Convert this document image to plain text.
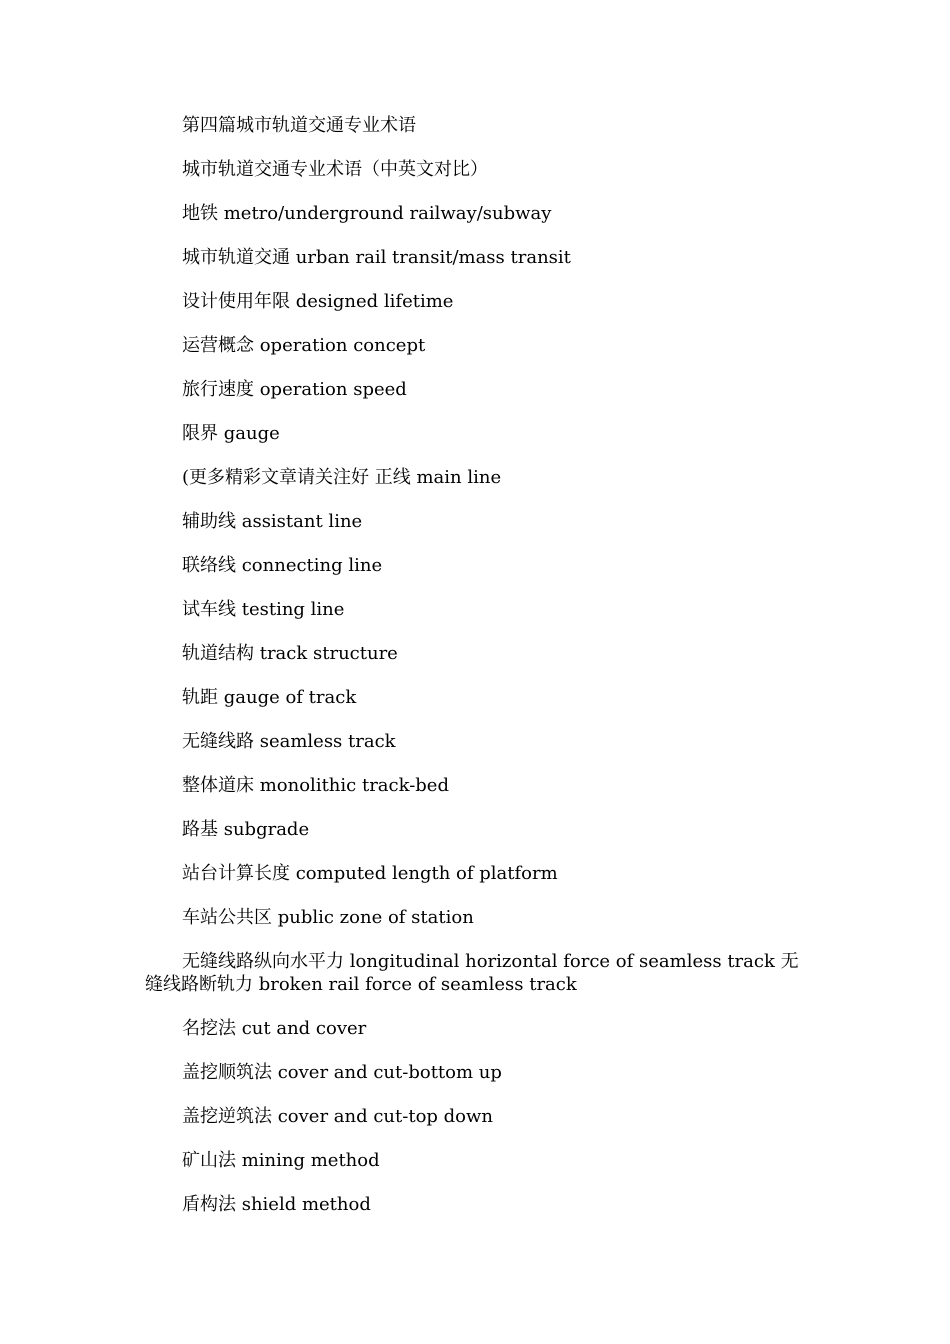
第四篇城市轨道交通专业术语

城市轨道交通专业术语（中英文对比）

地铁 metro/underground railway/subway

城市轨道交通 urban rail transit/mass transit

设计使用年限 designed lifetime

运营概念 operation concept

旅行速度 operation speed

限界 gauge

(更多精彩文章请关注好 正线 main line

辅助线 assistant line

联络线 connecting line

试车线 testing line

轨道结构 track structure

轨距 gauge of track

无缝线路 seamless track

整体道床 monolithic track-bed

路基 subgrade

站台计算长度 computed length of platform

车站公共区 public zone of station

无缝线路纵向水平力 longitudinal horizontal force of seamless track 无缝线路断轨力 broken rail force of seamless track

名挖法 cut and cover

盖挖顺筑法 cover and cut-bottom up

盖挖逆筑法 cover and cut-top down

矿山法 mining method

盾构法 shield method
